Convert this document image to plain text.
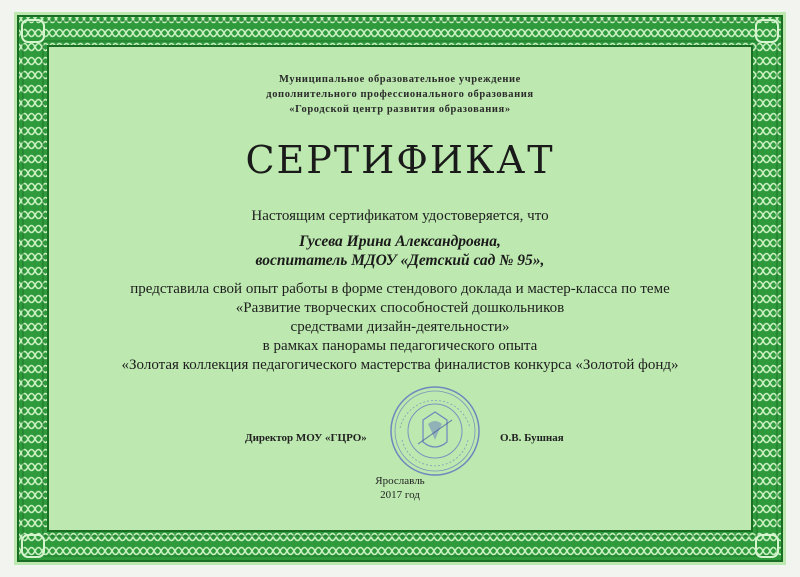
Муниципальное образовательное учреждение
дополнительного профессионального образования
«Городской центр развития образования»
СЕРТИФИКАТ
Настоящим сертификатом удостоверяется, что
Гусева Ирина Александровна,
воспитатель МДОУ «Детский сад № 95»,
представила свой опыт работы в форме стендового доклада и мастер-класса по теме
«Развитие творческих способностей дошкольников
средствами дизайн-деятельности»
в рамках панорамы педагогического опыта
«Золотая коллекция педагогического мастерства финалистов конкурса «Золотой фонд»
Директор МОУ «ГЦРО»	О.В. Бушная
Ярославль
2017 год
